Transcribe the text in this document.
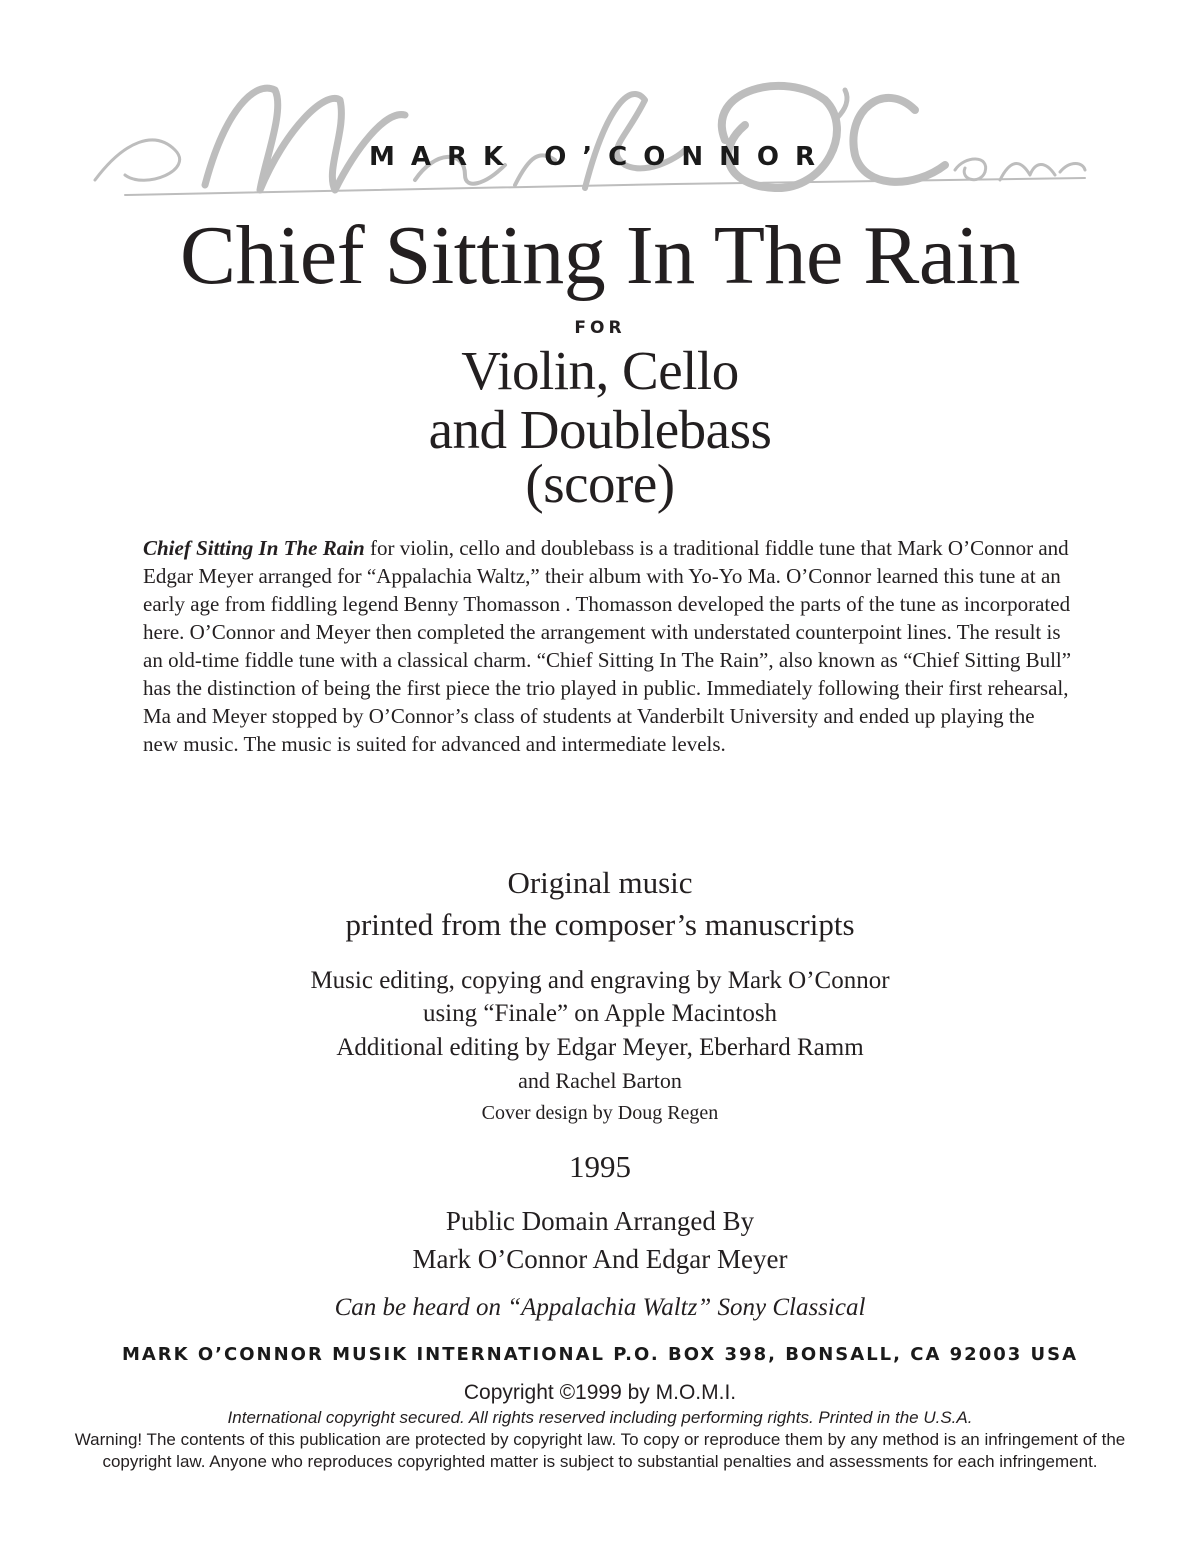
MARK O’CONNOR
Chief Sitting In The Rain
FOR
Violin, Cello
and Doublebass
(score)
Chief Sitting In The Rain for violin, cello and doublebass is a traditional fiddle tune that Mark O’Connor and Edgar Meyer arranged for “Appalachia Waltz,” their album with Yo-Yo Ma. O’Connor learned this tune at an early age from fiddling legend Benny Thomasson . Thomasson developed the parts of the tune as incorporated here. O’Connor and Meyer then completed the arrangement with understated counterpoint lines. The result is an old-time fiddle tune with a classical charm. “Chief Sitting In The Rain”, also known as “Chief Sitting Bull” has the distinction of being the first piece the trio played in public. Immediately following their first rehearsal, Ma and Meyer stopped by O’Connor’s class of students at Vanderbilt University and ended up playing the new music. The music is suited for advanced and intermediate levels.
Original music
printed from the composer’s manuscripts
Music editing, copying and engraving by Mark O’Connor
using “Finale” on Apple Macintosh
Additional editing by Edgar Meyer, Eberhard Ramm
and Rachel Barton
Cover design by Doug Regen
1995
Public Domain Arranged By
Mark O’Connor And Edgar Meyer
Can be heard on “Appalachia Waltz” Sony Classical
MARK O’CONNOR MUSIK INTERNATIONAL P.O. BOX 398, BONSALL, CA 92003 USA
Copyright ©1999 by M.O.M.I.
International copyright secured. All rights reserved including performing rights. Printed in the U.S.A.
Warning! The contents of this publication are protected by copyright law. To copy or reproduce them by any method is an infringement of the copyright law. Anyone who reproduces copyrighted matter is subject to substantial penalties and assessments for each infringement.
